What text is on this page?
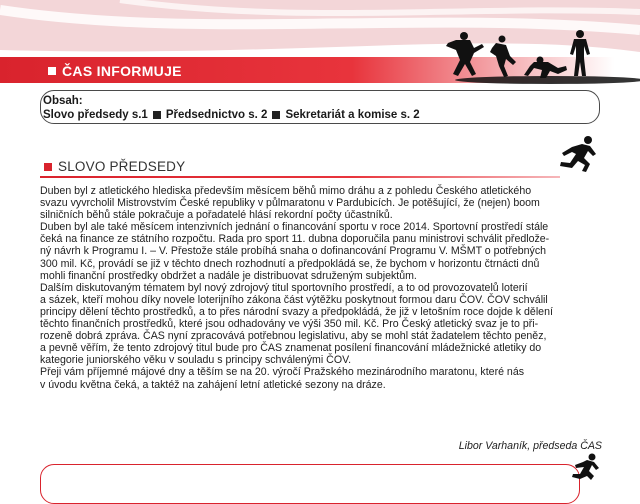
ČAS INFORMUJE
Obsah:
Slovo předsedy s.1 Předsednictvo s. 2 Sekretariát a komise s. 2
SLOVO PŘEDSEDY

Duben byl z atletického hlediska především měsícem běhů mimo dráhu a z pohledu Českého atletického

svazu vyvrcholil Mistrovstvím České republiky v půlmaratonu v Pardubicích. Je potěšující, že (nejen) boom

silničních běhů stále pokračuje a pořadatelé hlásí rekordní počty účastníků.

Duben byl ale také měsícem intenzivních jednání o financování sportu v roce 2014. Sportovní prostředí stále

čeká na finance ze státního rozpočtu. Rada pro sport 11. dubna doporučila panu ministrovi schválit předlože-

ný návrh k Programu I. – V. Přestože stále probíhá snaha o dofinancování Programu V. MŠMT o potřebných

300 mil. Kč, provádí se již v těchto dnech rozhodnutí a předpokládá se, že bychom v horizontu čtrnácti dnů

mohli finanční prostředky obdržet a nadále je distribuovat sdruženým subjektům.

Dalším diskutovaným tématem byl nový zdrojový titul sportovního prostředí, a to od provozovatelů loterií

a sázek, kteří mohou díky novele loterijního zákona část výtěžku poskytnout formou daru ČOV. ČOV schválil

principy dělení těchto prostředků, a to přes národní svazy a předpokládá, že již v letošním roce dojde k dělení

těchto finančních prostředků, které jsou odhadovány ve výši 350 mil. Kč. Pro Český atletický svaz je to při-

rozeně dobrá zpráva. ČAS nyní zpracovává potřebnou legislativu, aby se mohl stát žadatelem těchto peněz,

a pevně věřím, že tento zdrojový titul bude pro ČAS znamenat posílení financování mládežnické atletiky do

kategorie juniorského věku v souladu s principy schválenými ČOV.

Přeji vám příjemné májové dny a těším se na 20. výročí Pražského mezinárodního maratonu, které nás

v úvodu května čeká, a taktéž na zahájení letní atletické sezony na dráze.

Libor Varhaník, předseda ČAS
